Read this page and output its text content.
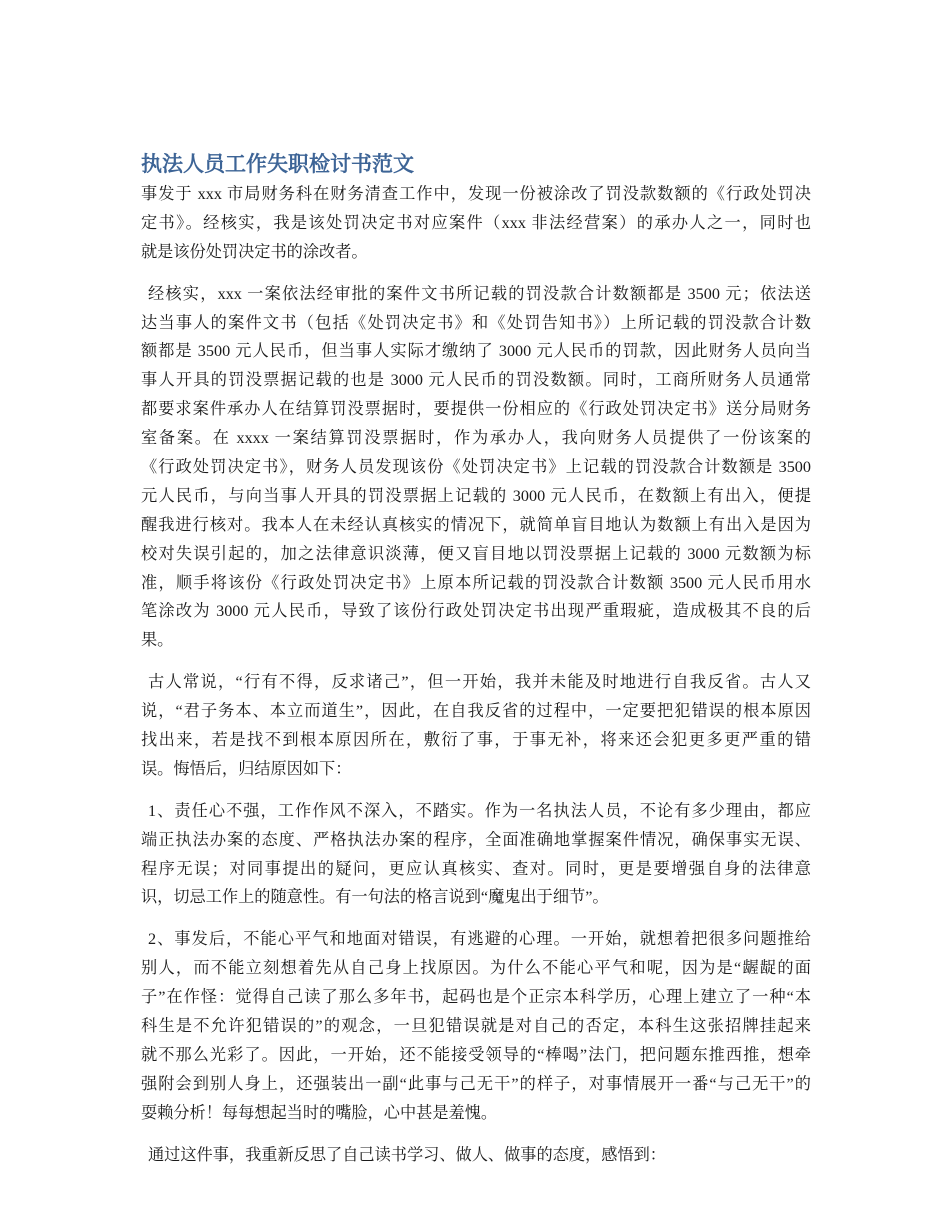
执法人员工作失职检讨书范文
事发于 xxx 市局财务科在财务清查工作中，发现一份被涂改了罚没款数额的《行政处罚决
定书》。经核实，我是该处罚决定书对应案件（xxx 非法经营案）的承办人之一，同时也
就是该份处罚决定书的涂改者。
经核实，xxx 一案依法经审批的案件文书所记载的罚没款合计数额都是 3500 元；依法送
达当事人的案件文书（包括《处罚决定书》和《处罚告知书》）上所记载的罚没款合计数
额都是 3500 元人民币，但当事人实际才缴纳了 3000 元人民币的罚款，因此财务人员向当
事人开具的罚没票据记载的也是 3000 元人民币的罚没数额。同时，工商所财务人员通常
都要求案件承办人在结算罚没票据时，要提供一份相应的《行政处罚决定书》送分局财务
室备案。在 xxxx 一案结算罚没票据时，作为承办人，我向财务人员提供了一份该案的
《行政处罚决定书》，财务人员发现该份《处罚决定书》上记载的罚没款合计数额是 3500
元人民币，与向当事人开具的罚没票据上记载的 3000 元人民币，在数额上有出入，便提
醒我进行核对。我本人在未经认真核实的情况下，就简单盲目地认为数额上有出入是因为
校对失误引起的，加之法律意识淡薄，便又盲目地以罚没票据上记载的 3000 元数额为标
准，顺手将该份《行政处罚决定书》上原本所记载的罚没款合计数额 3500 元人民币用水
笔涂改为 3000 元人民币，导致了该份行政处罚决定书出现严重瑕疵，造成极其不良的后
果。
古人常说，“行有不得，反求诸己”，但一开始，我并未能及时地进行自我反省。古人又
说，“君子务本、本立而道生”，因此，在自我反省的过程中，一定要把犯错误的根本原因
找出来，若是找不到根本原因所在，敷衍了事，于事无补，将来还会犯更多更严重的错
误。悔悟后，归结原因如下：
1、责任心不强，工作作风不深入，不踏实。作为一名执法人员，不论有多少理由，都应
端正执法办案的态度、严格执法办案的程序，全面准确地掌握案件情况，确保事实无误、
程序无误；对同事提出的疑问，更应认真核实、查对。同时，更是要增强自身的法律意
识，切忌工作上的随意性。有一句法的格言说到“魔鬼出于细节”。
2、事发后，不能心平气和地面对错误，有逃避的心理。一开始，就想着把很多问题推给
别人，而不能立刻想着先从自己身上找原因。为什么不能心平气和呢，因为是“龌龊的面
子”在作怪：觉得自己读了那么多年书，起码也是个正宗本科学历，心理上建立了一种“本
科生是不允许犯错误的”的观念，一旦犯错误就是对自己的否定，本科生这张招牌挂起来
就不那么光彩了。因此，一开始，还不能接受领导的“棒喝”法门，把问题东推西推，想牵
强附会到别人身上，还强装出一副“此事与己无干”的样子，对事情展开一番“与己无干”的
耍赖分析！每每想起当时的嘴脸，心中甚是羞愧。
通过这件事，我重新反思了自己读书学习、做人、做事的态度，感悟到：
